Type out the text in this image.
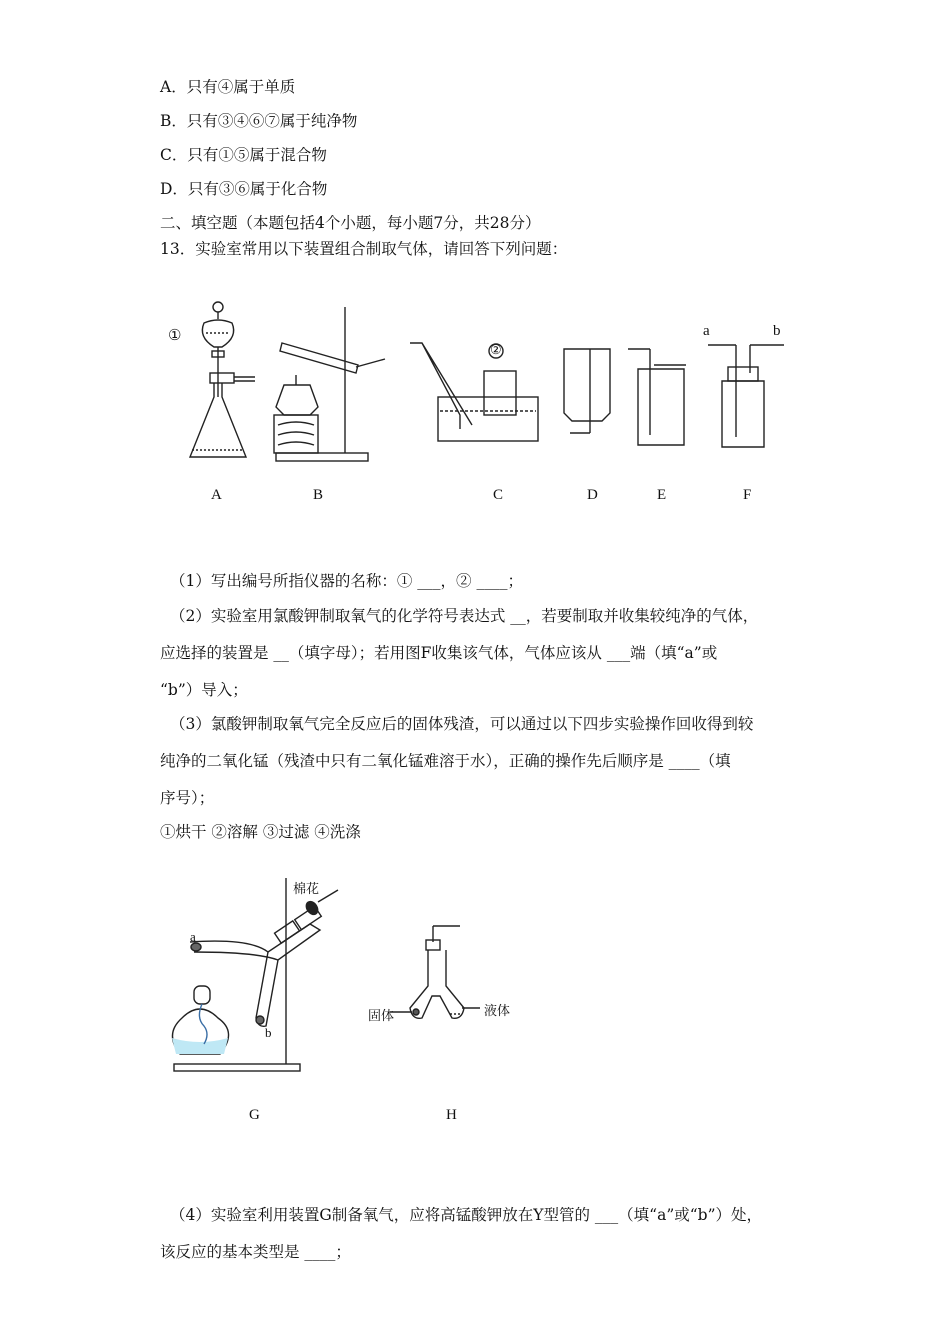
A．只有④属于单质
B．只有③④⑥⑦属于纯净物
C．只有①⑤属于混合物
D．只有③⑥属于化合物
二、填空题（本题包括4个小题，每小题7分，共28分）
13．实验室常用以下装置组合制取气体，请回答下列问题：
①
②
a	b
A	B	C	D	E	F
（1）写出编号所指仪器的名称：① ___，② ____；
（2）实验室用氯酸钾制取氧气的化学符号表达式 __，若要制取并收集较纯净的气体，
应选择的装置是 __（填字母）；若用图F收集该气体，气体应该从 ___端（填“a”或
“b”）导入；
（3）氯酸钾制取氧气完全反应后的固体残渣，可以通过以下四步实验操作回收得到较
纯净的二氧化锰（残渣中只有二氧化锰难溶于水），正确的操作先后顺序是 ____（填
序号）；
①烘干 ②溶解 ③过滤 ④洗涤
棉花
a
b
固体	液体
G	H
（4）实验室利用装置G制备氧气，应将高锰酸钾放在Y型管的 ___（填“a”或“b”）处，
该反应的基本类型是 ____；
